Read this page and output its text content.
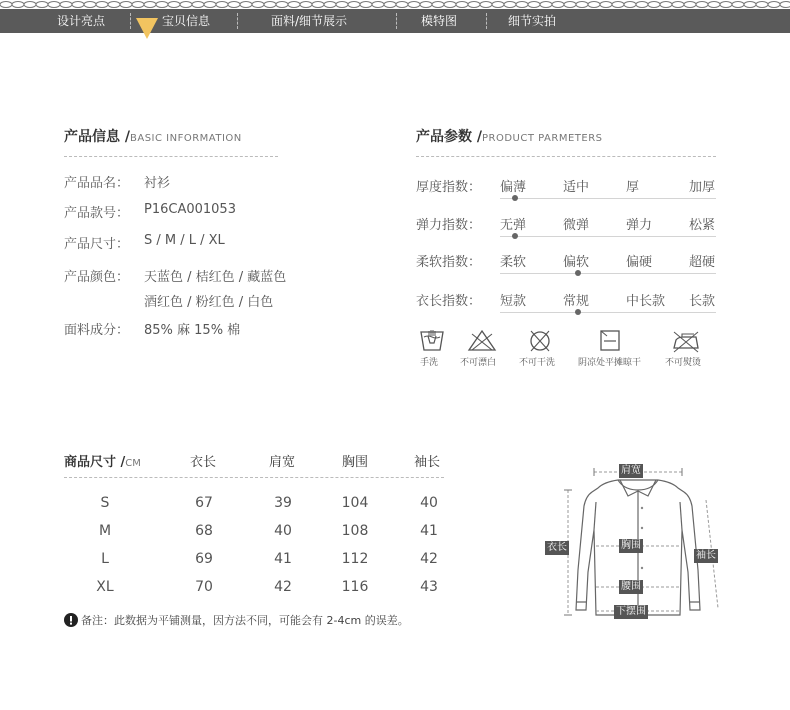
设计亮点	宝贝信息	面料/细节展示	模特图	细节实拍
产品信息 /BASIC INFORMATION
产品品名： 衬衫
产品款号： P16CA001053
产品尺寸： S / M / L / XL
产品颜色： 天蓝色 / 桔红色 / 藏蓝色
酒红色 / 粉红色 / 白色
面料成分： 85% 麻 15% 棉
产品参数 /PRODUCT PARMETERS
厚度指数： 偏薄	适中	厚	加厚
弹力指数： 无弹	微弹	弹力	松紧
柔软指数： 柔软	偏软	偏硬	超硬
衣长指数： 短款	常规	中长款 长款
手洗 不可漂白	不可干洗	阴凉处平摊晾干	不可熨烫
商品尺寸 /CM	衣长	肩宽	胸围	袖长
S	67	39	104	40
M	68	40	108	41
L	69	41	112	42
XL	70	42	116	43
备注：此数据为平铺测量，因方法不同，可能会有 2-4cm 的误差。
肩宽
衣长	胸围
袖长
腰围
下摆围
